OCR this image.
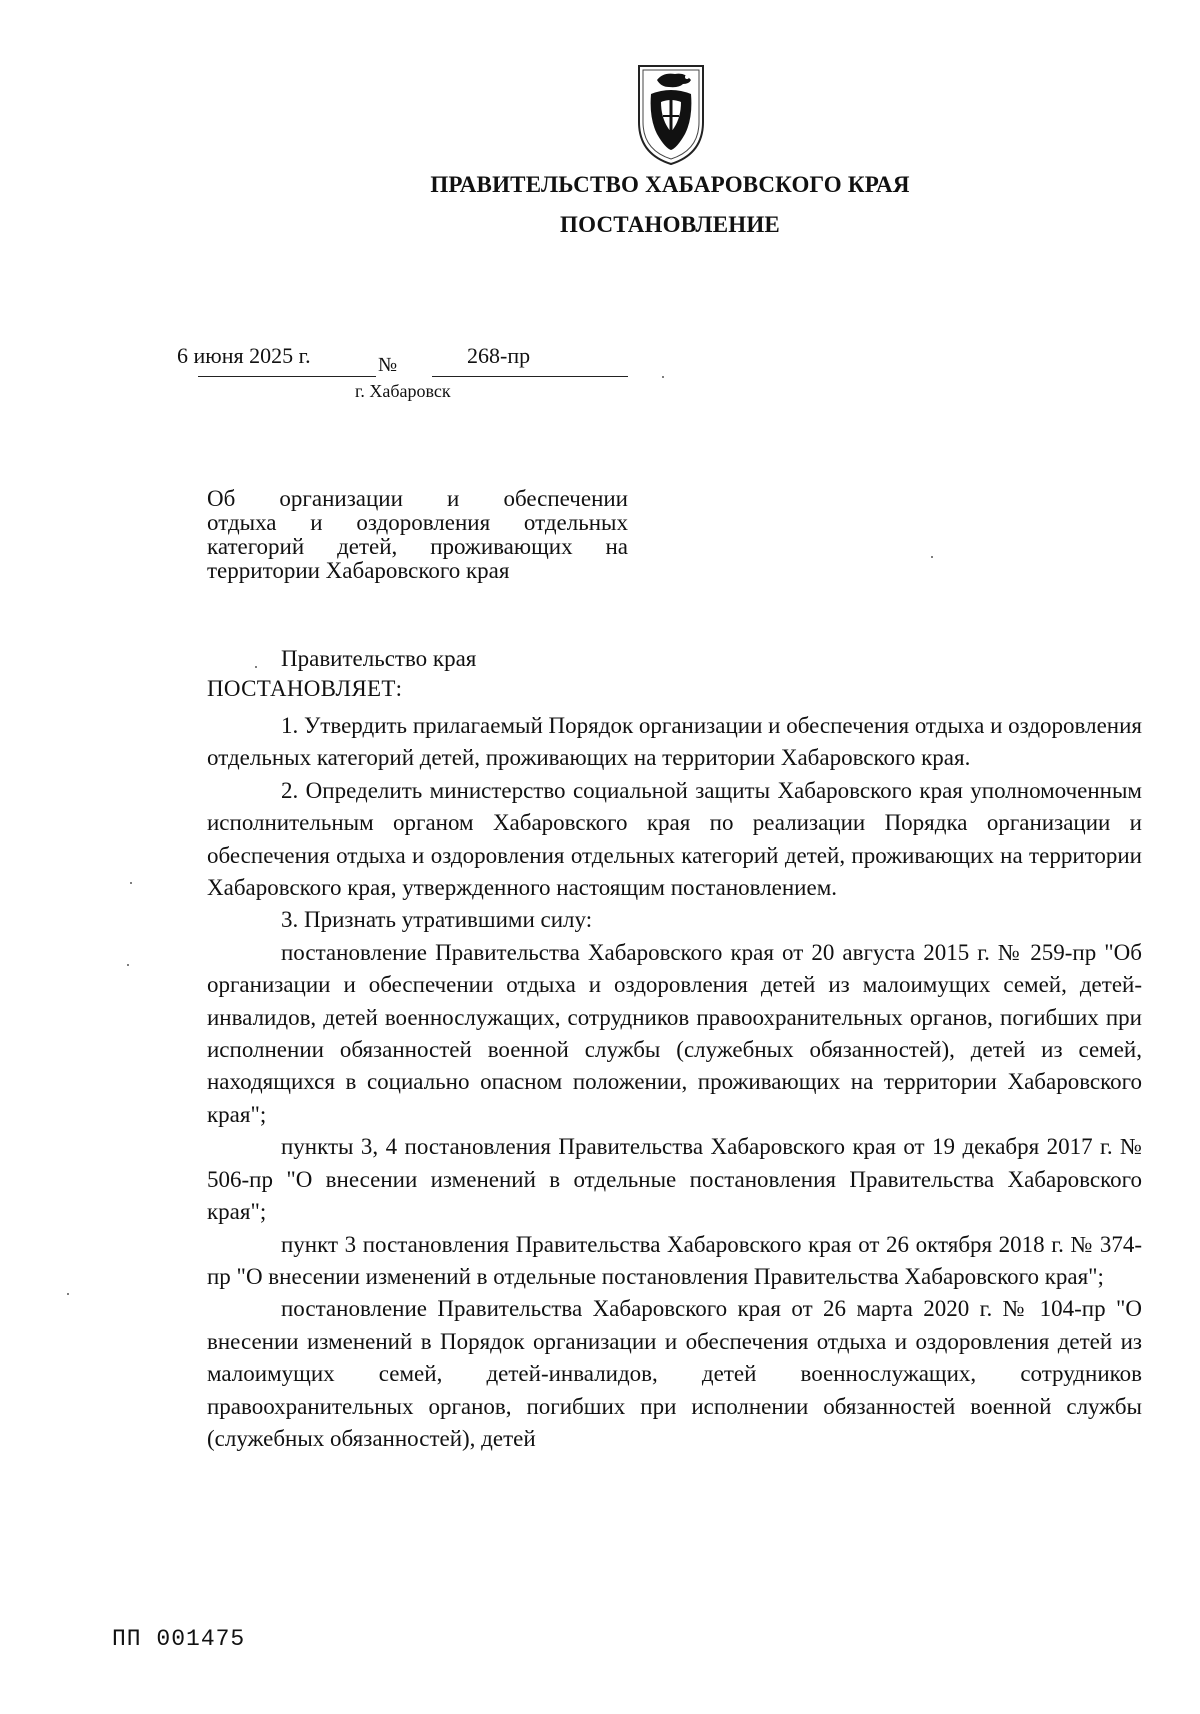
ПРАВИТЕЛЬСТВО ХАБАРОВСКОГО КРАЯ
ПОСТАНОВЛЕНИЕ
6 июня 2025 г.	№	268-пр
г. Хабаровск
Об организации и обеспечении
отдыха и оздоровления отдельных
категорий детей, проживающих на
территории Хабаровского края
Правительство края
ПОСТАНОВЛЯЕТ:

1. Утвердить прилагаемый Порядок организации и обеспечения отдыха и оздоровления отдельных категорий детей, проживающих на территории Хабаровского края.

2. Определить министерство социальной защиты Хабаровского края уполномоченным исполнительным органом Хабаровского края по реализации Порядка организации и обеспечения отдыха и оздоровления отдельных категорий детей, проживающих на территории Хабаровского края, утвержденного настоящим постановлением.

3. Признать утратившими силу:

постановление Правительства Хабаровского края от 20 августа 2015 г. № 259-пр "Об организации и обеспечении отдыха и оздоровления детей из малоимущих семей, детей-инвалидов, детей военнослужащих, сотрудников правоохранительных органов, погибших при исполнении обязанностей военной службы (служебных обязанностей), детей из семей, находящихся в социально опасном положении, проживающих на территории Хабаровского края";

пункты 3, 4 постановления Правительства Хабаровского края от 19 декабря 2017 г. № 506-пр "О внесении изменений в отдельные постановления Правительства Хабаровского края";

пункт 3 постановления Правительства Хабаровского края от 26 октября 2018 г. № 374-пр "О внесении изменений в отдельные постановления Правительства Хабаровского края";

постановление Правительства Хабаровского края от 26 марта 2020 г. № 104-пр "О внесении изменений в Порядок организации и обеспечения отдыха и оздоровления детей из малоимущих семей, детей-инвалидов, детей военнослужащих, сотрудников правоохранительных органов, погибших при исполнении обязанностей военной службы (служебных обязанностей), детей

ПП 001475
